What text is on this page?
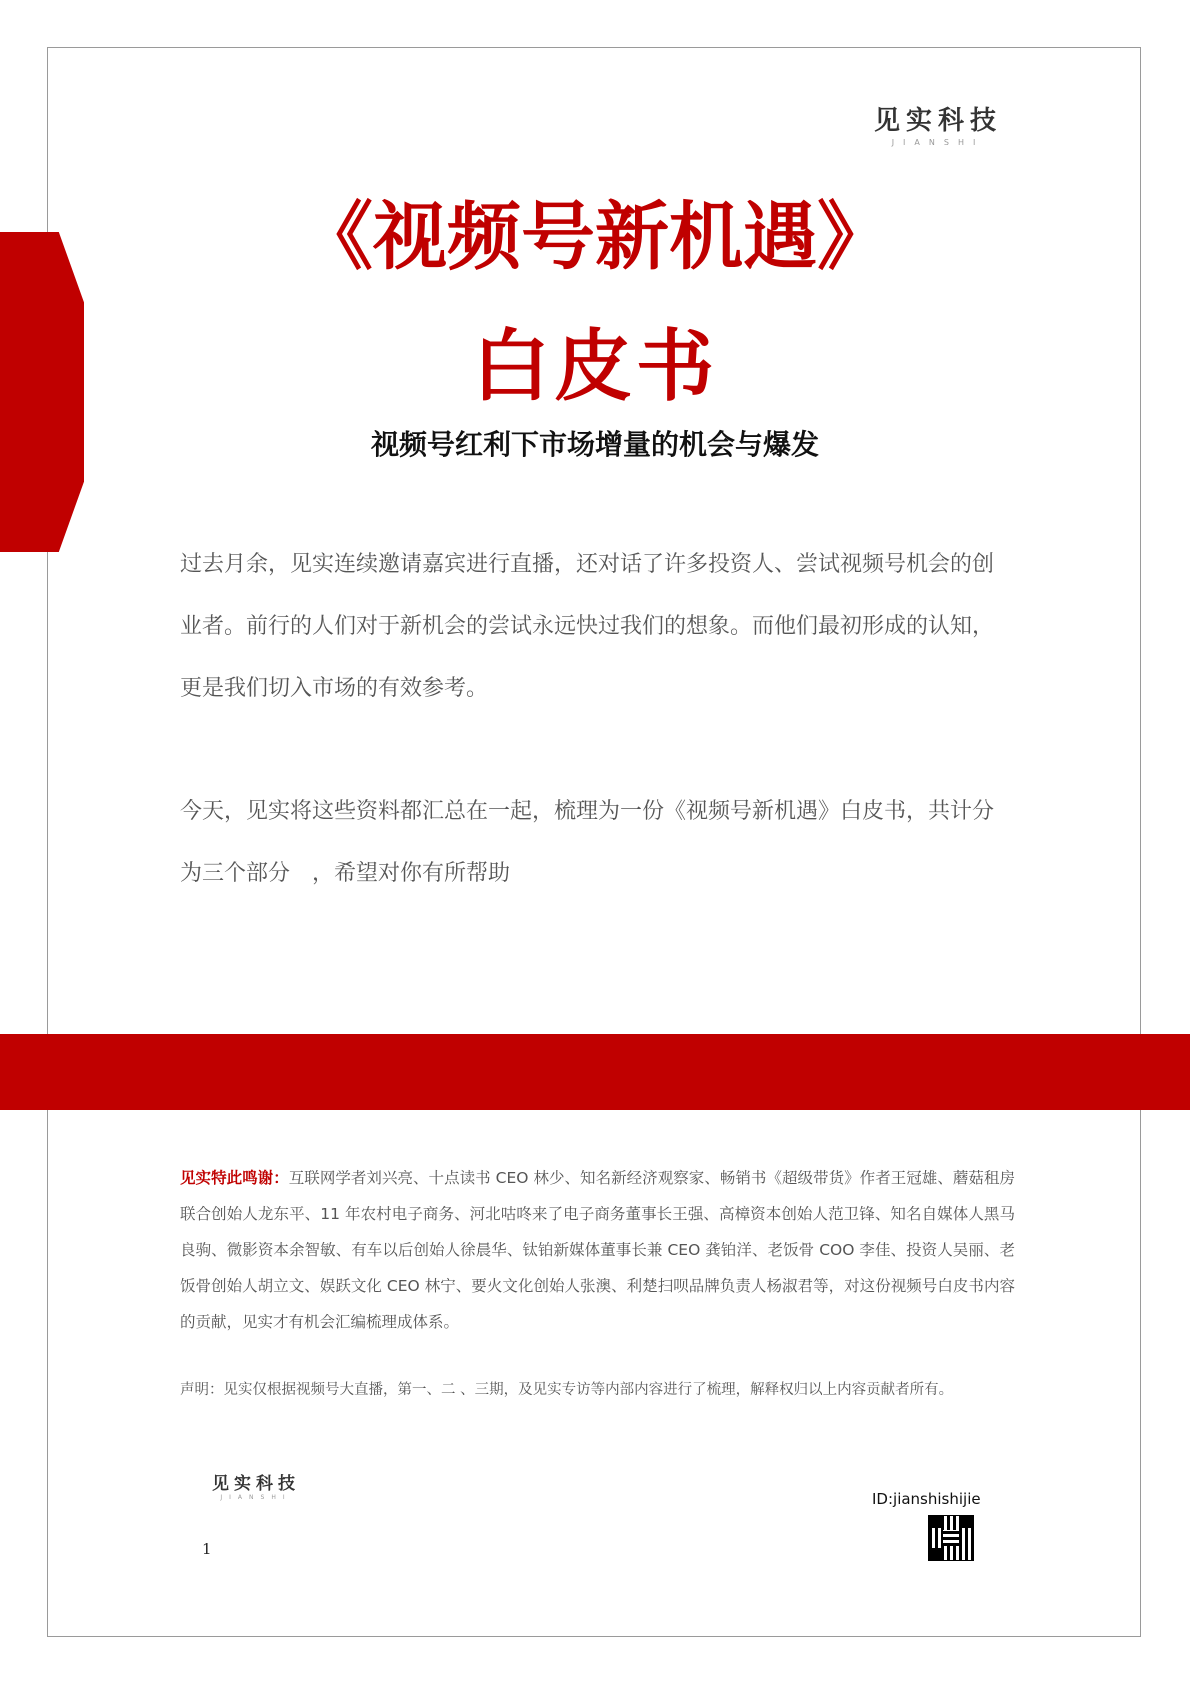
见实科技
JIANSHI
《视频号新机遇》
白皮书
视频号红利下市场增量的机会与爆发

过去月余，见实连续邀请嘉宾进行直播，还对话了许多投资人、尝试视频号机会的创业者。前行的人们对于新机会的尝试永远快过我们的想象。而他们最初形成的认知，更是我们切入市场的有效参考。

今天，见实将这些资料都汇总在一起，梳理为一份《视频号新机遇》白皮书，共计分为三个部分　，希望对你有所帮助

见实特此鸣谢：互联网学者刘兴亮、十点读书 CEO 林少、知名新经济观察家、畅销书《超级带货》作者王冠雄、蘑菇租房联合创始人龙东平、11 年农村电子商务、河北咕咚来了电子商务董事长王强、高樟资本创始人范卫锋、知名自媒体人黑马良驹、微影资本余智敏、有车以后创始人徐晨华、钛铂新媒体董事长兼 CEO 龚铂洋、老饭骨 COO 李佳、投资人吴丽、老饭骨创始人胡立文、娱跃文化 CEO 林宁、要火文化创始人张澳、利楚扫呗品牌负责人杨淑君等，对这份视频号白皮书内容的贡献，见实才有机会汇编梳理成体系。

声明：见实仅根据视频号大直播，第一、二 、三期，及见实专访等内部内容进行了梳理，解释权归以上内容贡献者所有。

见实科技
JIANSHI
1
ID:jianshishijie
